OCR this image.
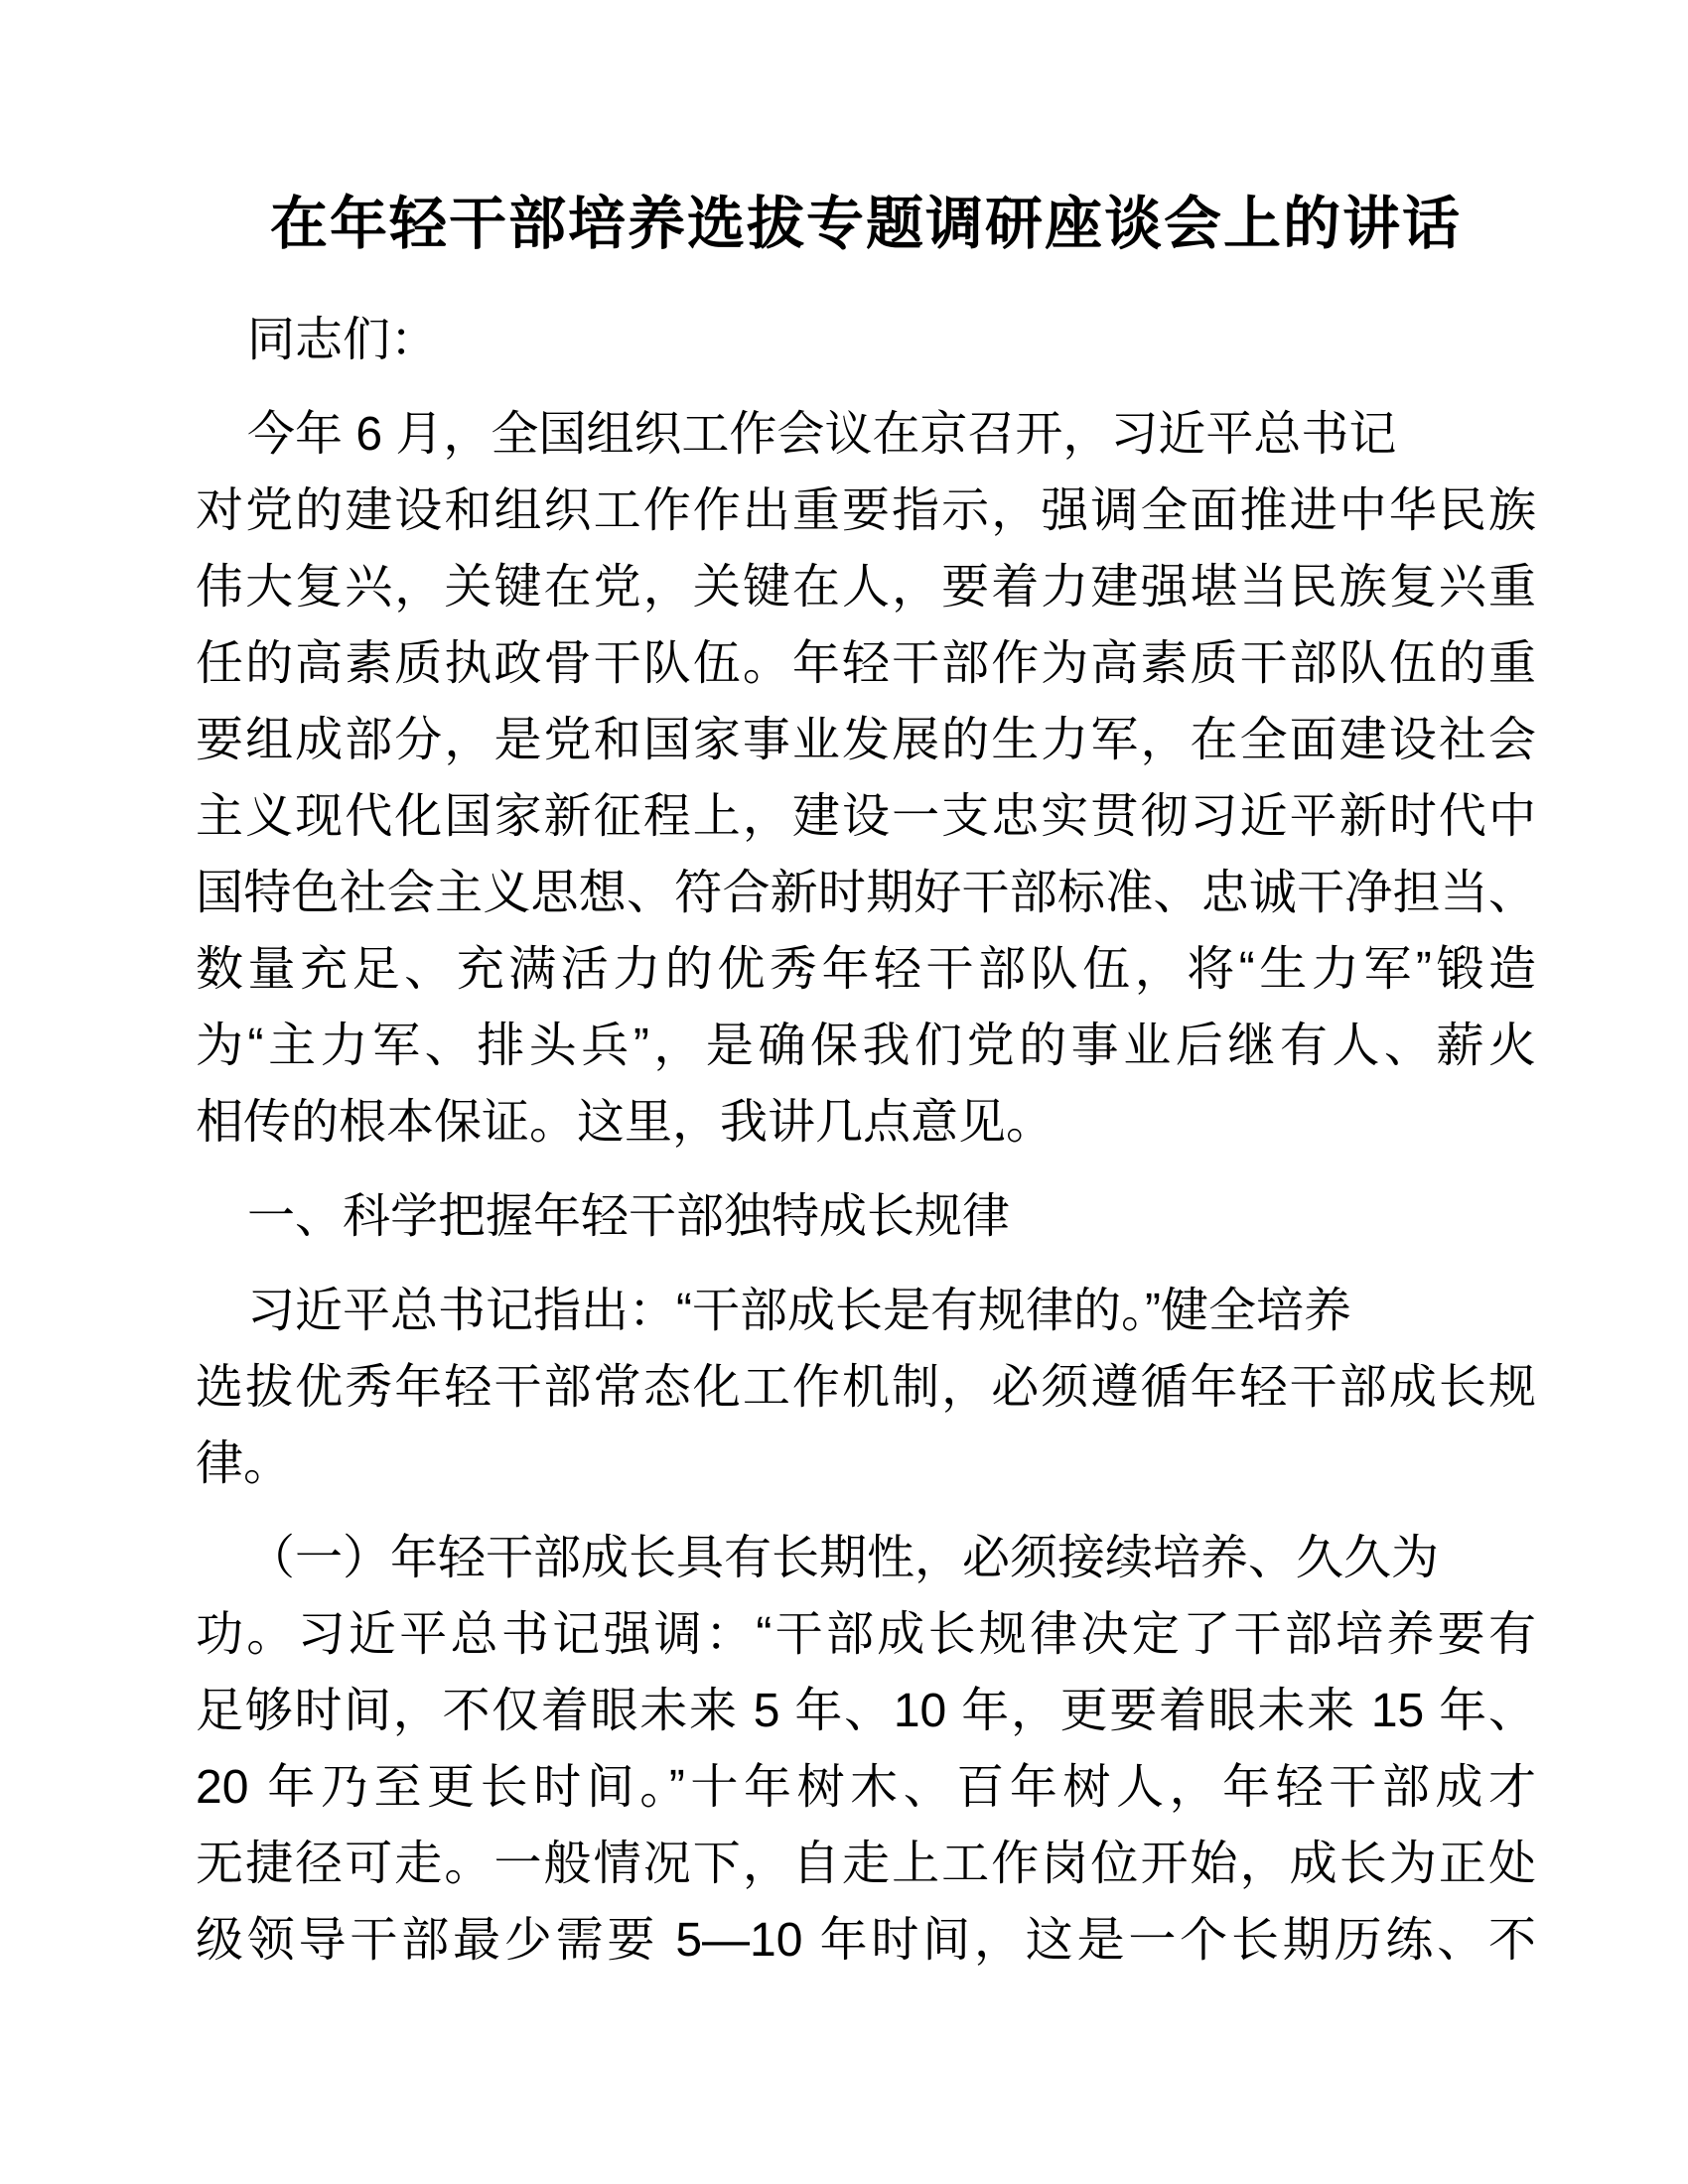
在年轻干部培养选拔专题调研座谈会上的讲话
同志们：
今年 6 月，全国组织工作会议在京召开，习近平总书记
对党的建设和组织工作作出重要指示，强调全面推进中华民族
伟大复兴，关键在党，关键在人，要着力建强堪当民族复兴重
任的高素质执政骨干队伍。年轻干部作为高素质干部队伍的重
要组成部分，是党和国家事业发展的生力军，在全面建设社会
主义现代化国家新征程上，建设一支忠实贯彻习近平新时代中
国特色社会主义思想、符合新时期好干部标准、忠诚干净担当、
数量充足、充满活力的优秀年轻干部队伍，将“生力军”锻造
为“主力军、排头兵”，是确保我们党的事业后继有人、薪火
相传的根本保证。这里，我讲几点意见。
一、科学把握年轻干部独特成长规律
习近平总书记指出：“干部成长是有规律的。”健全培养
选拔优秀年轻干部常态化工作机制，必须遵循年轻干部成长规
律。
（一）年轻干部成长具有长期性，必须接续培养、久久为
功。习近平总书记强调：“干部成长规律决定了干部培养要有
足够时间，不仅着眼未来 5 年、10 年，更要着眼未来 15 年、
20 年乃至更长时间。”十年树木、百年树人，年轻干部成才
无捷径可走。一般情况下，自走上工作岗位开始，成长为正处
级领导干部最少需要 5—10 年时间，这是一个长期历练、不
